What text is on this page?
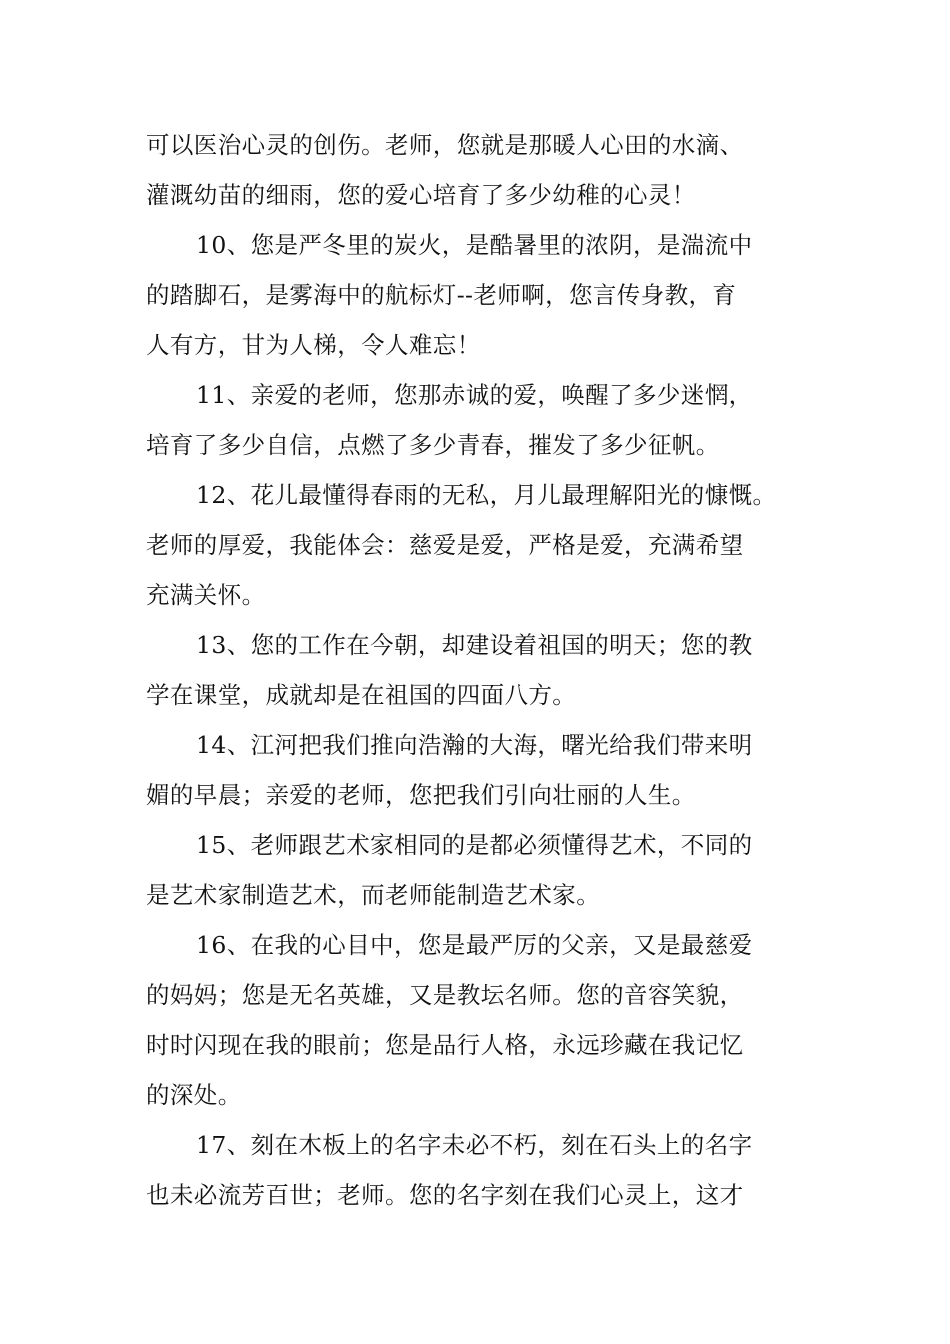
可以医治心灵的创伤。老师，您就是那暖人心田的水滴、
灌溉幼苗的细雨，您的爱心培育了多少幼稚的心灵！

10、您是严冬里的炭火，是酷暑里的浓阴，是湍流中
的踏脚石，是雾海中的航标灯--老师啊，您言传身教，育
人有方，甘为人梯，令人难忘！

11、亲爱的老师，您那赤诚的爱，唤醒了多少迷惘，
培育了多少自信，点燃了多少青春，摧发了多少征帆。

12、花儿最懂得春雨的无私，月儿最理解阳光的慷慨。
老师的厚爱，我能体会：慈爱是爱，严格是爱，充满希望
充满关怀。

13、您的工作在今朝，却建设着祖国的明天；您的教
学在课堂，成就却是在祖国的四面八方。

14、江河把我们推向浩瀚的大海，曙光给我们带来明
媚的早晨；亲爱的老师，您把我们引向壮丽的人生。

15、老师跟艺术家相同的是都必须懂得艺术，不同的
是艺术家制造艺术，而老师能制造艺术家。

16、在我的心目中，您是最严厉的父亲，又是最慈爱
的妈妈；您是无名英雄，又是教坛名师。您的音容笑貌，
时时闪现在我的眼前；您是品行人格，永远珍藏在我记忆
的深处。

17、刻在木板上的名字未必不朽，刻在石头上的名字
也未必流芳百世；老师。您的名字刻在我们心灵上，这才
